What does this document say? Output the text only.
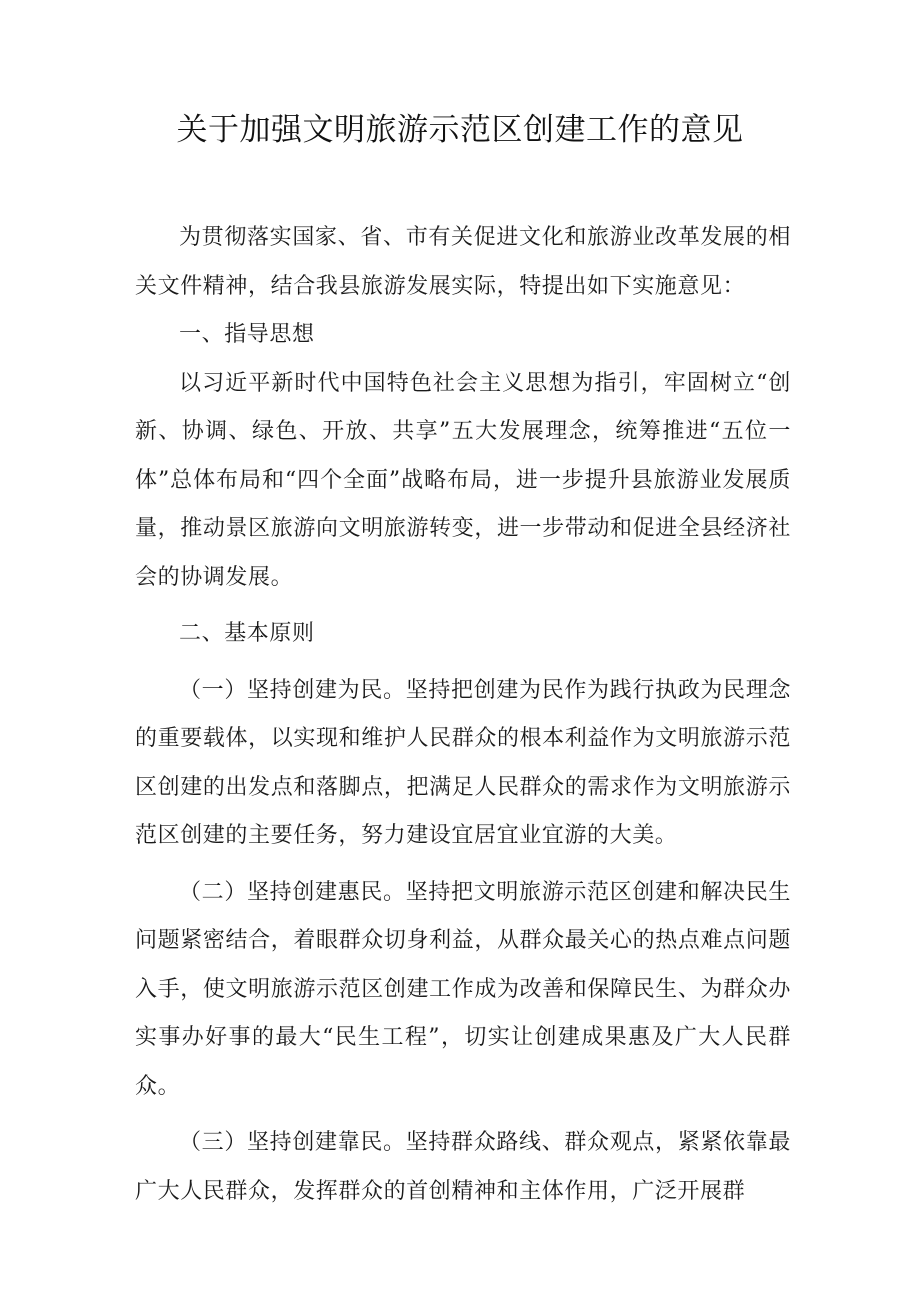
关于加强文明旅游示范区创建工作的意见

为贯彻落实国家、省、市有关促进文化和旅游业改革发展的相关文件精神，结合我县旅游发展实际，特提出如下实施意见：

一、指导思想

以习近平新时代中国特色社会主义思想为指引，牢固树立“创新、协调、绿色、开放、共享”五大发展理念，统筹推进“五位一体”总体布局和“四个全面”战略布局，进一步提升县旅游业发展质量，推动景区旅游向文明旅游转变，进一步带动和促进全县经济社会的协调发展。

二、基本原则

（一）坚持创建为民。坚持把创建为民作为践行执政为民理念的重要载体，以实现和维护人民群众的根本利益作为文明旅游示范区创建的出发点和落脚点，把满足人民群众的需求作为文明旅游示范区创建的主要任务，努力建设宜居宜业宜游的大美。

（二）坚持创建惠民。坚持把文明旅游示范区创建和解决民生问题紧密结合，着眼群众切身利益，从群众最关心的热点难点问题入手，使文明旅游示范区创建工作成为改善和保障民生、为群众办实事办好事的最大“民生工程”，切实让创建成果惠及广大人民群众。

（三）坚持创建靠民。坚持群众路线、群众观点，紧紧依靠最广大人民群众，发挥群众的首创精神和主体作用，广泛开展群
